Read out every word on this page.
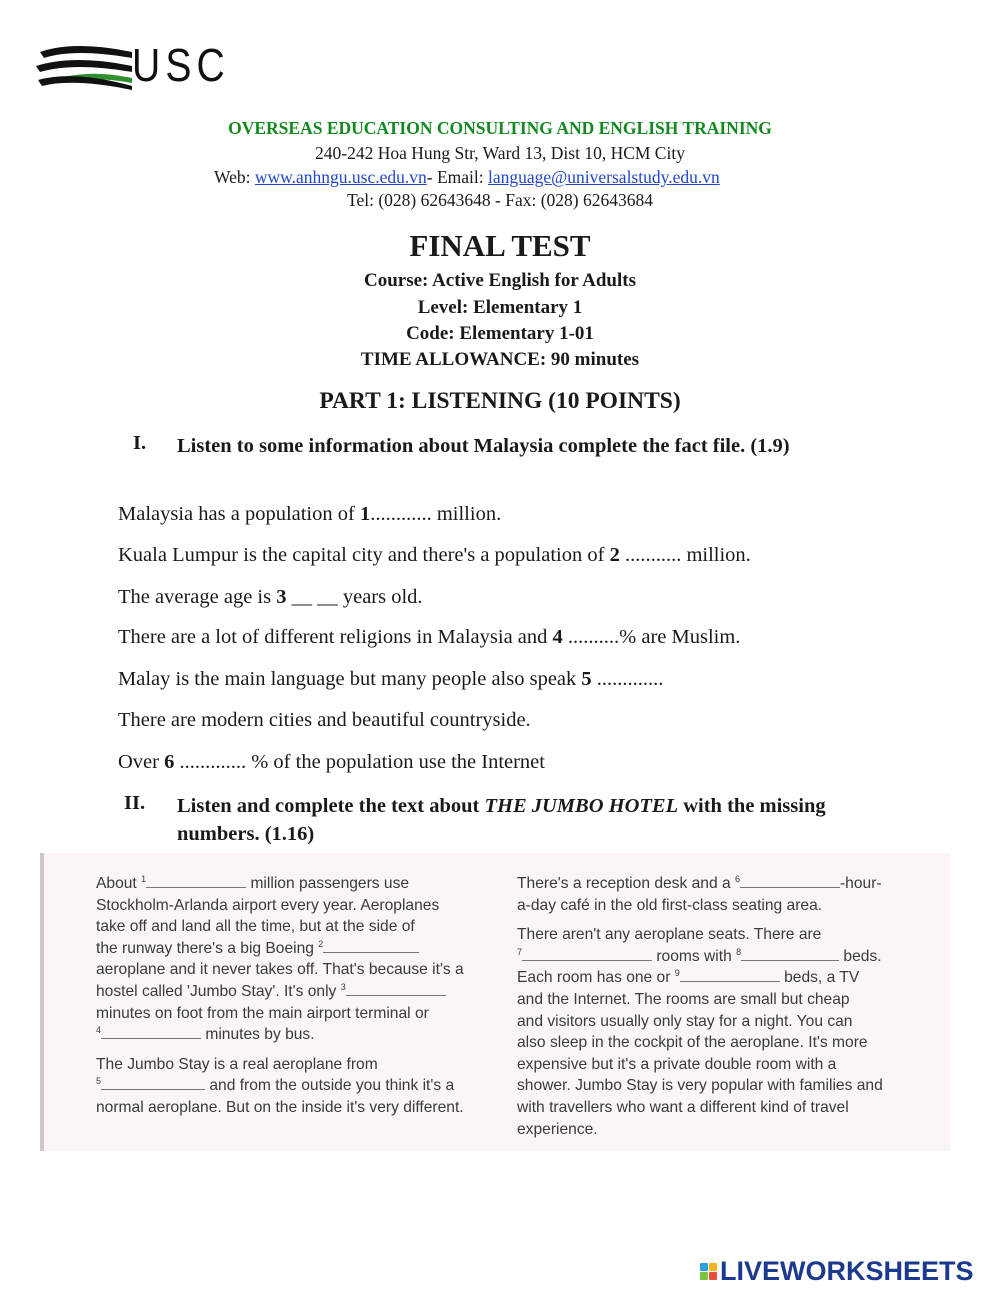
USC
OVERSEAS EDUCATION CONSULTING AND ENGLISH TRAINING
240-242 Hoa Hung Str, Ward 13, Dist 10, HCM City
Web: www.anhngu.usc.edu.vn- Email: language@universalstudy.edu.vn
Tel: (028) 62643648 - Fax: (028) 62643684
FINAL TEST
Course: Active English for Adults
Level: Elementary 1
Code: Elementary 1-01
TIME ALLOWANCE: 90 minutes
PART 1: LISTENING (10 POINTS)
I. Listen to some information about Malaysia complete the fact file. (1.9)
Malaysia has a population of 1............ million.
Kuala Lumpur is the capital city and there's a population of 2 ........... million.
The average age is 3 __ __ years old.
There are a lot of different religions in Malaysia and 4 ..........% are Muslim.
Malay is the main language but many people also speak 5 .............
There are modern cities and beautiful countryside.
Over 6 ............. % of the population use the Internet
II. Listen and complete the text about THE JUMBO HOTEL with the missing numbers. (1.16)

About $^1$	million passengers use
Stockholm-Arlanda airport every year. Aeroplanes
take off and land all the time, but at the side of
the runway there's a big Boeing $^2$
aeroplane and it never takes off. That's because it's a
hostel called 'Jumbo Stay'. It's only $^3$
minutes on foot from the main airport terminal or
$^4$	minutes by bus.

The Jumbo Stay is a real aeroplane from
$^5$	and from the outside you think it's a
normal aeroplane. But on the inside it's very different.

There's a reception desk and a $^6$	-hour-
a-day café in the old first-class seating area.

There aren't any aeroplane seats. There are
$^7$	rooms with $^8$	beds.
Each room has one or $^9$	beds, a TV
and the Internet. The rooms are small but cheap
and visitors usually only stay for a night. You can
also sleep in the cockpit of the aeroplane. It's more
expensive but it's a private double room with a
shower. Jumbo Stay is very popular with families and
with travellers who want a different kind of travel
experience.

LIVEWORKSHEETS
